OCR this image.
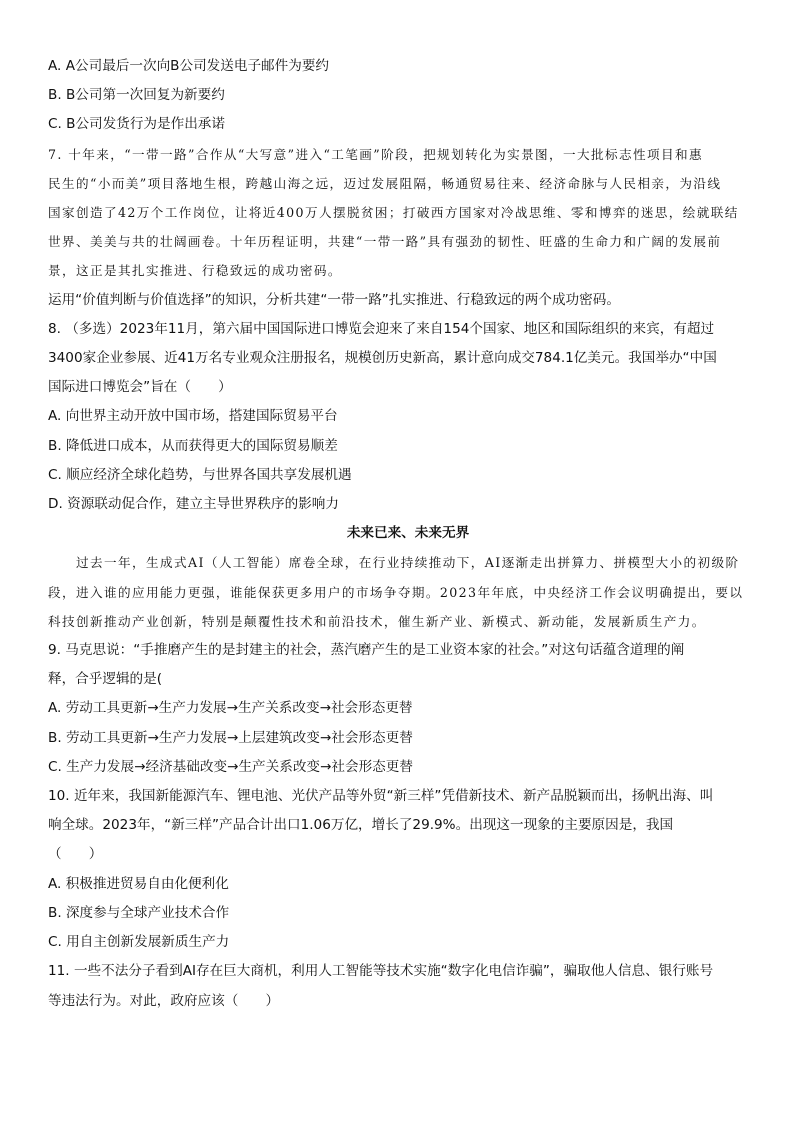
A. A公司最后一次向B公司发送电子邮件为要约
B. B公司第一次回复为新要约
C. B公司发货行为是作出承诺
7. 十年来，“一带一路”合作从“大写意”进入“工笔画”阶段，把规划转化为实景图，一大批标志性项目和惠
民生的“小而美”项目落地生根，跨越山海之远，迈过发展阻隔，畅通贸易往来、经济命脉与人民相亲，为沿线
国家创造了42万个工作岗位，让将近400万人摆脱贫困；打破西方国家对冷战思维、零和博弈的迷思，绘就联结
世界、美美与共的壮阔画卷。十年历程证明，共建“一带一路”具有强劲的韧性、旺盛的生命力和广阔的发展前
景，这正是其扎实推进、行稳致远的成功密码。
运用“价值判断与价值选择”的知识，分析共建“一带一路”扎实推进、行稳致远的两个成功密码。
8. （多选）2023年11月，第六届中国国际进口博览会迎来了来自154个国家、地区和国际组织的来宾，有超过
3400家企业参展、近41万名专业观众注册报名，规模创历史新高，累计意向成交784.1亿美元。我国举办“中国
国际进口博览会”旨在（　　）
A. 向世界主动开放中国市场，搭建国际贸易平台
B. 降低进口成本，从而获得更大的国际贸易顺差
C. 顺应经济全球化趋势，与世界各国共享发展机遇
D. 资源联动促合作，建立主导世界秩序的影响力
未来已来、未来无界
过去一年，生成式AI（人工智能）席卷全球，在行业持续推动下，AI逐渐走出拼算力、拼模型大小的初级阶
段，进入谁的应用能力更强，谁能保获更多用户的市场争夺期。2023年年底，中央经济工作会议明确提出，要以
科技创新推动产业创新，特别是颠覆性技术和前沿技术，催生新产业、新模式、新动能，发展新质生产力。
9. 马克思说：“手推磨产生的是封建主的社会，蒸汽磨产生的是工业资本家的社会。”对这句话蕴含道理的阐
释，合乎逻辑的是(
A. 劳动工具更新→生产力发展→生产关系改变→社会形态更替
B. 劳动工具更新→生产力发展→上层建筑改变→社会形态更替
C. 生产力发展→经济基础改变→生产关系改变→社会形态更替
10. 近年来，我国新能源汽车、锂电池、光伏产品等外贸“新三样”凭借新技术、新产品脱颖而出，扬帆出海、叫
响全球。2023年，“新三样”产品合计出口1.06万亿，增长了29.9%。出现这一现象的主要原因是，我国
（　　）
A. 积极推进贸易自由化便利化
B. 深度参与全球产业技术合作
C. 用自主创新发展新质生产力
11. 一些不法分子看到AI存在巨大商机，利用人工智能等技术实施“数字化电信诈骗”，骗取他人信息、银行账号
等违法行为。对此，政府应该（　　）
